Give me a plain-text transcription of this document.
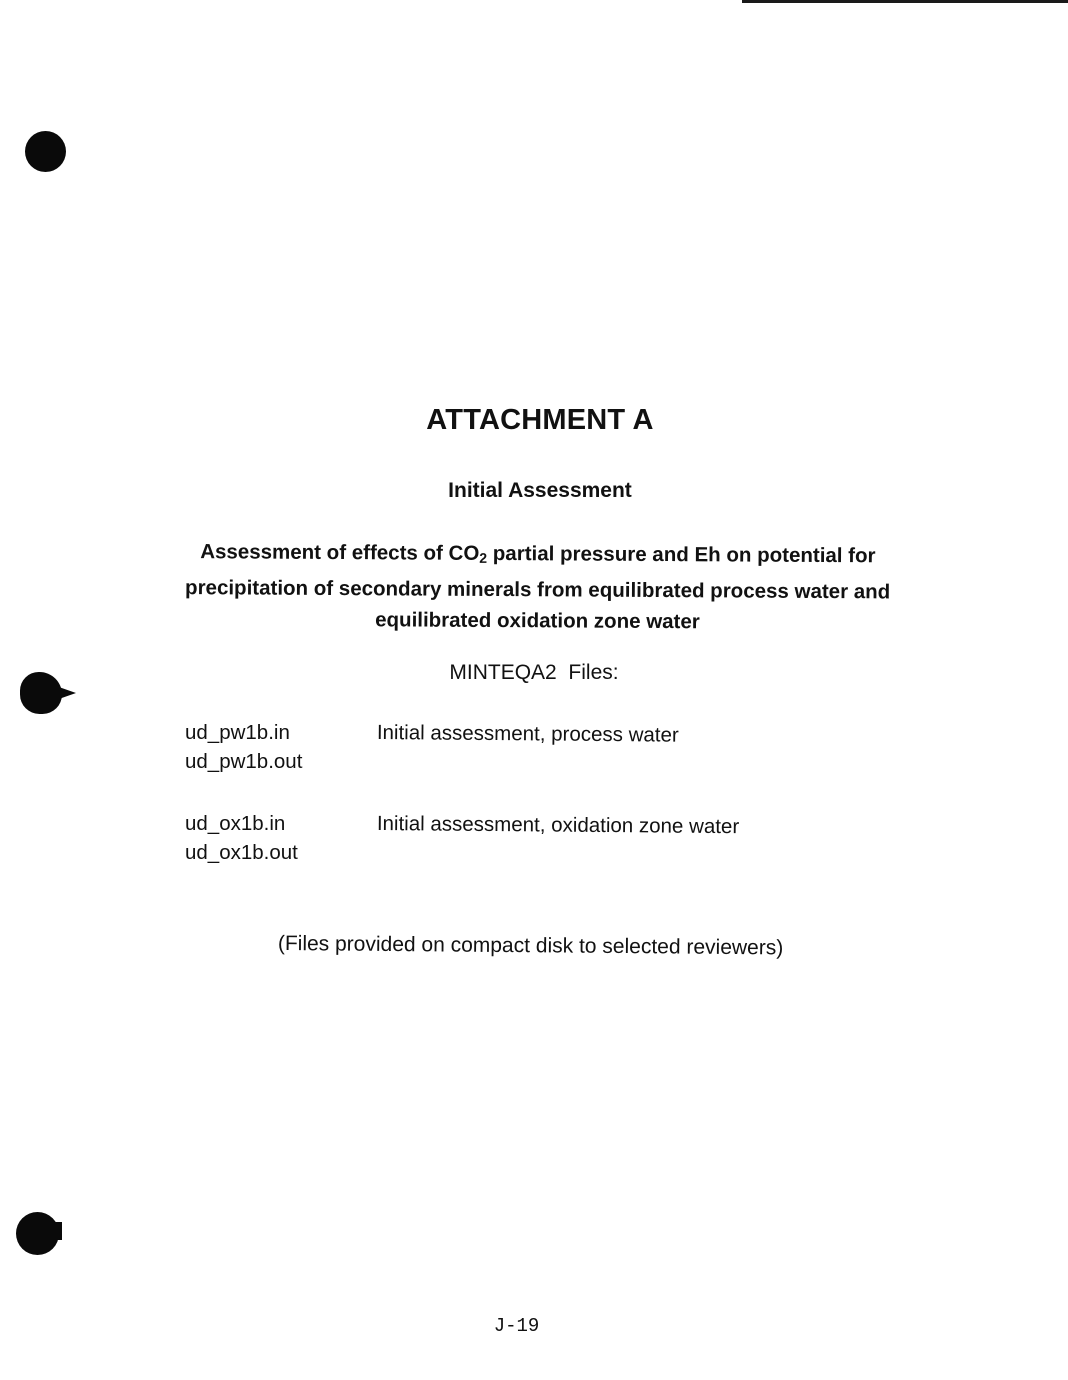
ATTACHMENT A
Initial Assessment
Assessment of effects of $CO_2$ partial pressure and Eh on potential for precipitation of secondary minerals from equilibrated process water and equilibrated oxidation zone water
MINTEQA2  Files:
ud_pw1b.in
ud_pw1b.out
Initial assessment, process water
ud_ox1b.in
ud_ox1b.out
Initial assessment, oxidation zone water
(Files provided on compact disk to selected reviewers)
J-19
